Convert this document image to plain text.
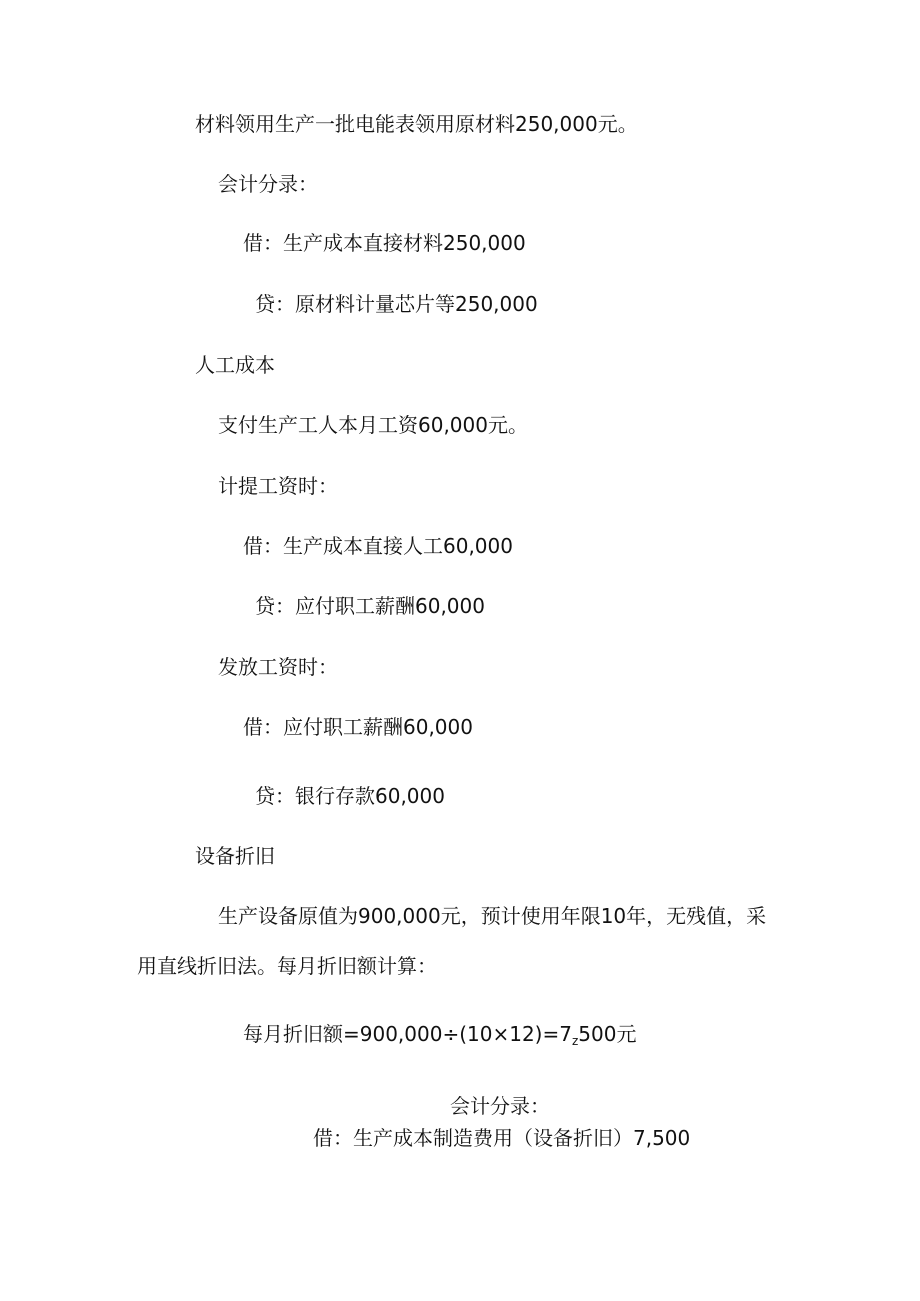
材料领用生产一批电能表领用原材料250,000元。
会计分录：
借：生产成本直接材料250,000
贷：原材料计量芯片等250,000
人工成本
支付生产工人本月工资60,000元。
计提工资时：
借：生产成本直接人工60,000
贷：应付职工薪酬60,000
发放工资时：
借：应付职工薪酬60,000
贷：银行存款60,000
设备折旧
生产设备原值为900,000元，预计使用年限10年，无残值，采
用直线折旧法。每月折旧额计算：
每月折旧额$=900,000\div(10\times 12)=7_z500$元
会计分录：
借：生产成本制造费用（设备折旧）7,500
